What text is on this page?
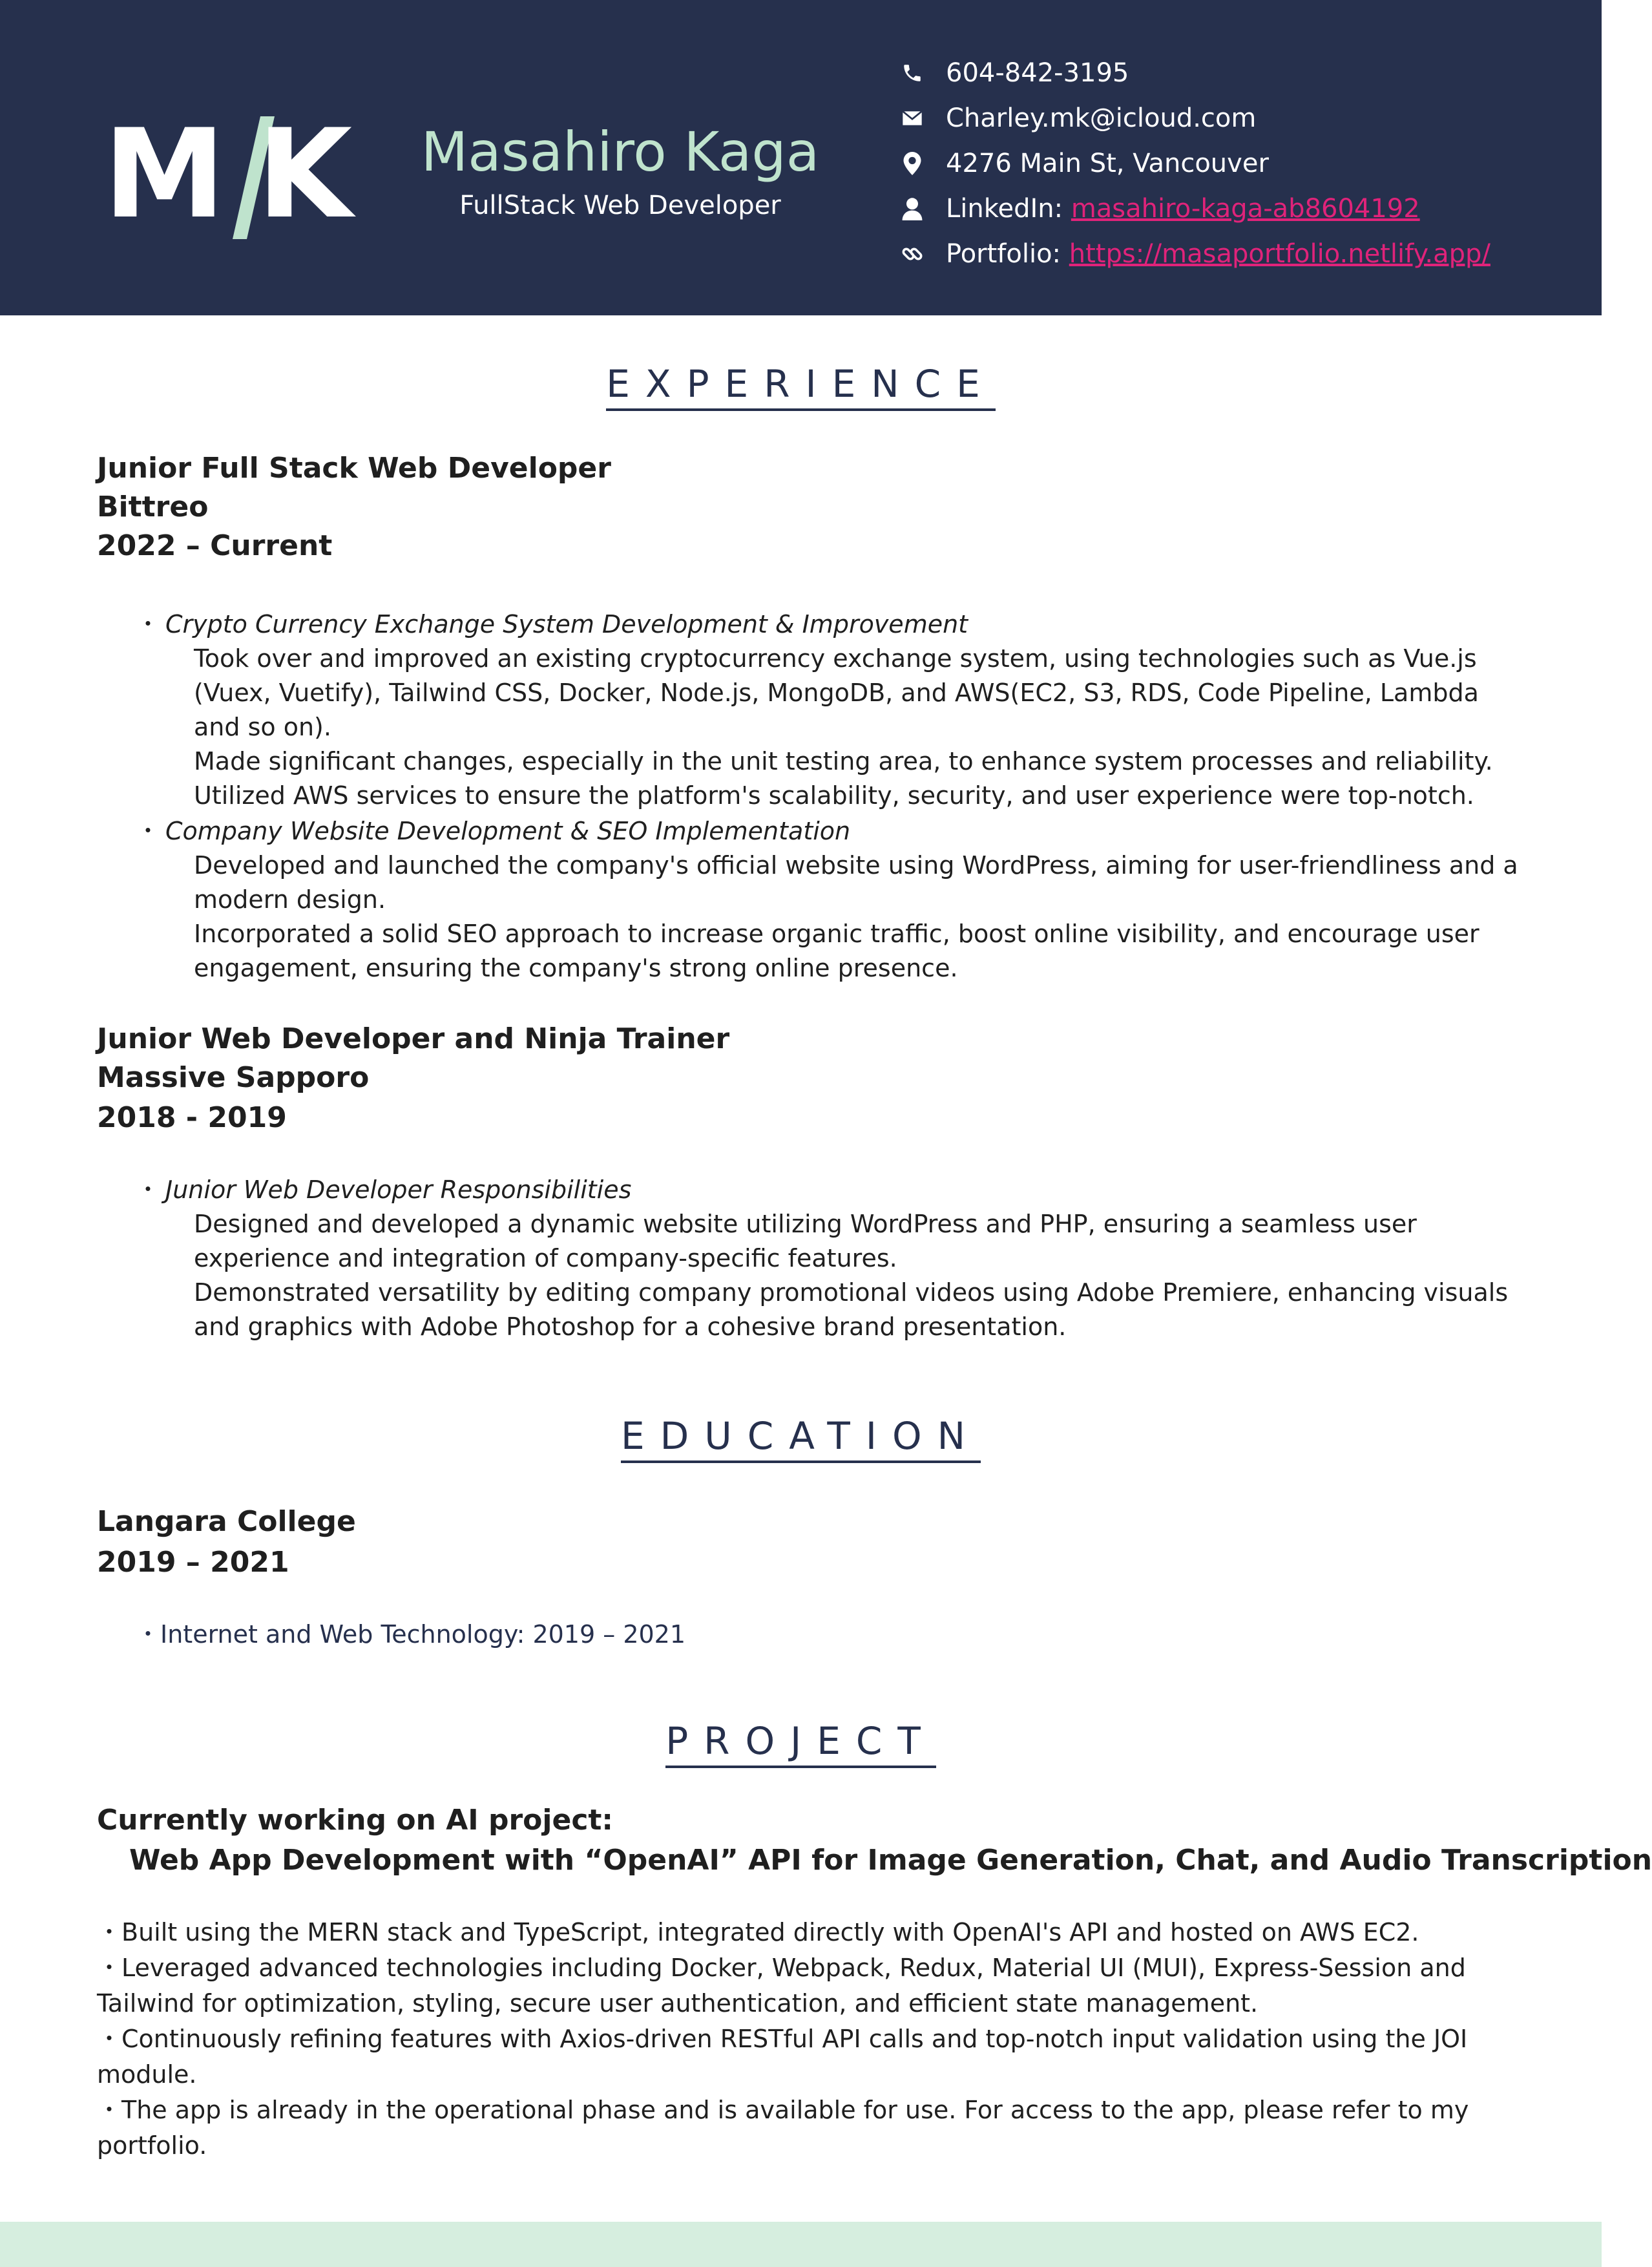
M K Masahiro Kaga
FullStack Web Developer
604-842-3195
Charley.mk@icloud.com
4276 Main St, Vancouver
LinkedIn: masahiro-kaga-ab8604192
Portfolio: https://masaportfolio.netlify.app/
EXPERIENCE
Junior Full Stack Web Developer
Bittreo
2022 – Current
・ Crypto Currency Exchange System Development & Improvement

Took over and improved an existing cryptocurrency exchange system, using technologies such as Vue.js (Vuex, Vuetify), Tailwind CSS, Docker, Node.js, MongoDB, and AWS(EC2, S3, RDS, Code Pipeline, Lambda and so on).

Made significant changes, especially in the unit testing area, to enhance system processes and reliability.

Utilized AWS services to ensure the platform's scalability, security, and user experience were top-notch.

・ Company Website Development & SEO Implementation

Developed and launched the company's official website using WordPress, aiming for user-friendliness and a modern design.

Incorporated a solid SEO approach to increase organic traffic, boost online visibility, and encourage user engagement, ensuring the company's strong online presence.

Junior Web Developer and Ninja Trainer
Massive Sapporo
2018 - 2019
・ Junior Web Developer Responsibilities

Designed and developed a dynamic website utilizing WordPress and PHP, ensuring a seamless user experience and integration of company-specific features.

Demonstrated versatility by editing company promotional videos using Adobe Premiere, enhancing visuals and graphics with Adobe Photoshop for a cohesive brand presentation.

EDUCATION
Langara College
2019 – 2021
・Internet and Web Technology: 2019 – 2021
PROJECT
Currently working on AI project:
Web App Development with “OpenAI” API for Image Generation, Chat, and Audio Transcription

・Built using the MERN stack and TypeScript, integrated directly with OpenAI's API and hosted on AWS EC2.

・Leveraged advanced technologies including Docker, Webpack, Redux, Material UI (MUI), Express-Session and Tailwind for optimization, styling, secure user authentication, and efficient state management.

・Continuously refining features with Axios-driven RESTful API calls and top-notch input validation using the JOI module.

・The app is already in the operational phase and is available for use. For access to the app, please refer to my portfolio.
